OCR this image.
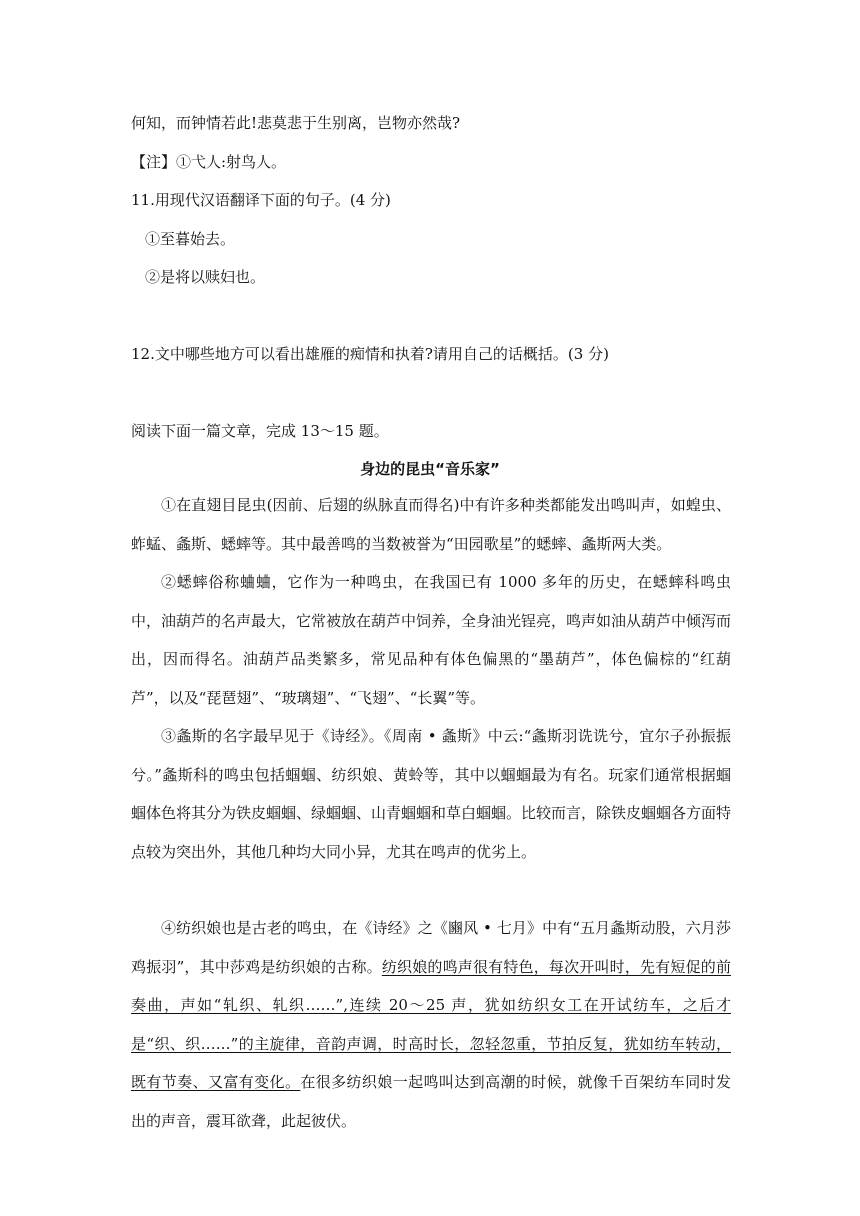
何知，而钟情若此!悲莫悲于生别离，岂物亦然哉?
【注】①弋人:射鸟人。
11.用现代汉语翻译下面的句子。(4 分)
①至暮始去。
②是将以赎妇也。
12.文中哪些地方可以看出雄雁的痴情和执着?请用自己的话概括。(3 分)
阅读下面一篇文章，完成 13～15 题。
身边的昆虫“音乐家”
①在直翅目昆虫(因前、后翅的纵脉直而得名)中有许多种类都能发出鸣叫声，如蝗虫、蚱蜢、螽斯、蟋蟀等。其中最善鸣的当数被誉为“田园歌星”的蟋蟀、螽斯两大类。
②蟋蟀俗称蛐蛐，它作为一种鸣虫，在我国已有 1000 多年的历史，在蟋蟀科鸣虫中，油葫芦的名声最大，它常被放在葫芦中饲养，全身油光锃亮，鸣声如油从葫芦中倾泻而出，因而得名。油葫芦品类繁多，常见品种有体色偏黑的“墨葫芦”，体色偏棕的“红葫芦”，以及“琵琶翅”、“玻璃翅”、“飞翅”、“长翼”等。
③螽斯的名字最早见于《诗经》。《周南 • 螽斯》中云:“螽斯羽诜诜兮，宜尔子孙振振兮。”螽斯科的鸣虫包括蝈蝈、纺织娘、黄蛉等，其中以蝈蝈最为有名。玩家们通常根据蝈蝈体色将其分为铁皮蝈蝈、绿蝈蝈、山青蝈蝈和草白蝈蝈。比较而言，除铁皮蝈蝈各方面特点较为突出外，其他几种均大同小异，尤其在鸣声的优劣上。
④纺织娘也是古老的鸣虫，在《诗经》之《豳风 • 七月》中有“五月螽斯动股，六月莎鸡振羽”，其中莎鸡是纺织娘的古称。纺织娘的鸣声很有特色，每次开叫时，先有短促的前奏曲，声如“轧织、轧织……”,连续 20～25 声，犹如纺织女工在开试纺车，之后才是“织、织……”的主旋律，音韵声调，时高时长，忽轻忽重，节拍反复，犹如纺车转动，既有节奏、又富有变化。在很多纺织娘一起鸣叫达到高潮的时候，就像千百架纺车同时发出的声音，震耳欲聋，此起彼伏。
